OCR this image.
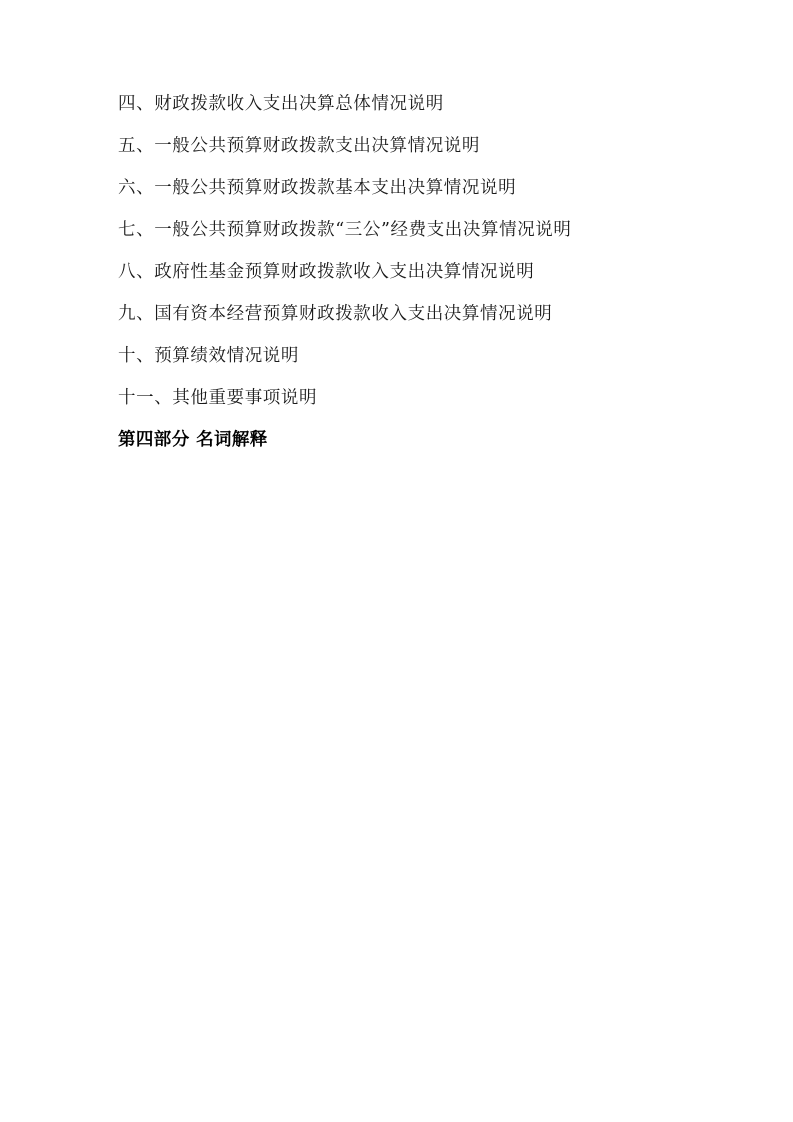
四、财政拨款收入支出决算总体情况说明
五、一般公共预算财政拨款支出决算情况说明
六、一般公共预算财政拨款基本支出决算情况说明
七、一般公共预算财政拨款“三公”经费支出决算情况说明
八、政府性基金预算财政拨款收入支出决算情况说明
九、国有资本经营预算财政拨款收入支出决算情况说明
十、预算绩效情况说明
十一、其他重要事项说明
第四部分 名词解释
